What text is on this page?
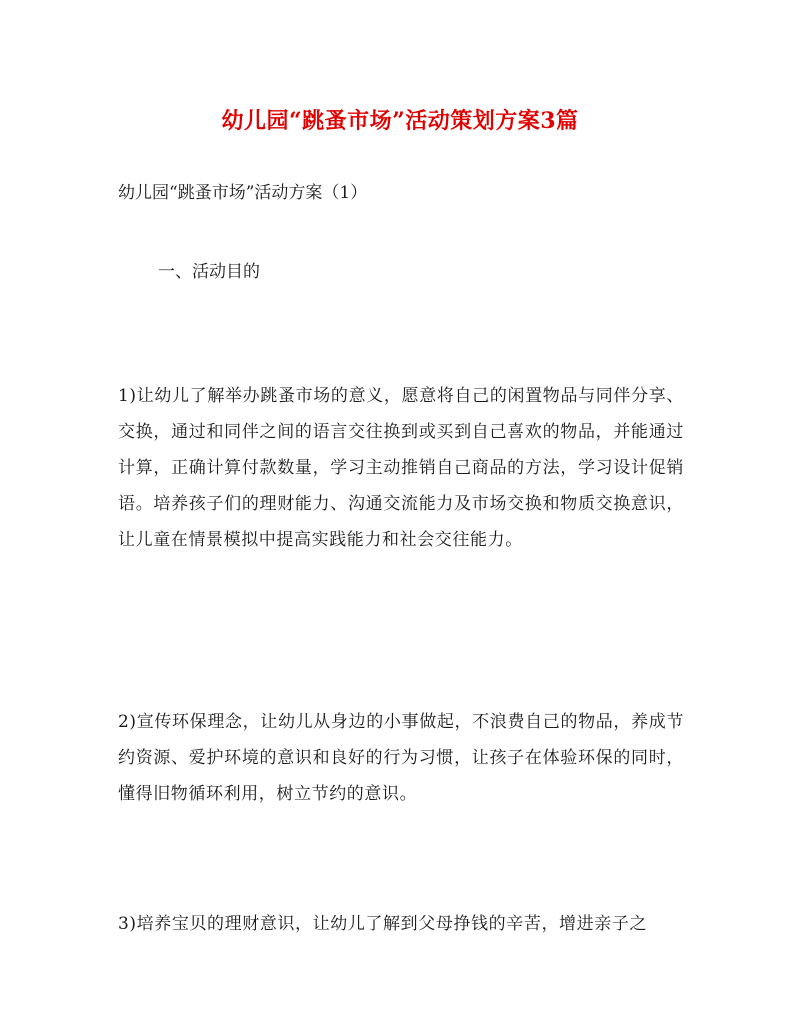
幼儿园“跳蚤市场”活动策划方案3篇
幼儿园“跳蚤市场”活动方案（1）
一、活动目的
1)让幼儿了解举办跳蚤市场的意义，愿意将自己的闲置物品与同伴分享、交换，通过和同伴之间的语言交往换到或买到自己喜欢的物品，并能通过计算，正确计算付款数量，学习主动推销自己商品的方法，学习设计促销语。培养孩子们的理财能力、沟通交流能力及市场交换和物质交换意识，让儿童在情景模拟中提高实践能力和社会交往能力。
2)宣传环保理念，让幼儿从身边的小事做起，不浪费自己的物品，养成节约资源、爱护环境的意识和良好的行为习惯，让孩子在体验环保的同时，懂得旧物循环利用，树立节约的意识。
3)培养宝贝的理财意识，让幼儿了解到父母挣钱的辛苦，增进亲子之
